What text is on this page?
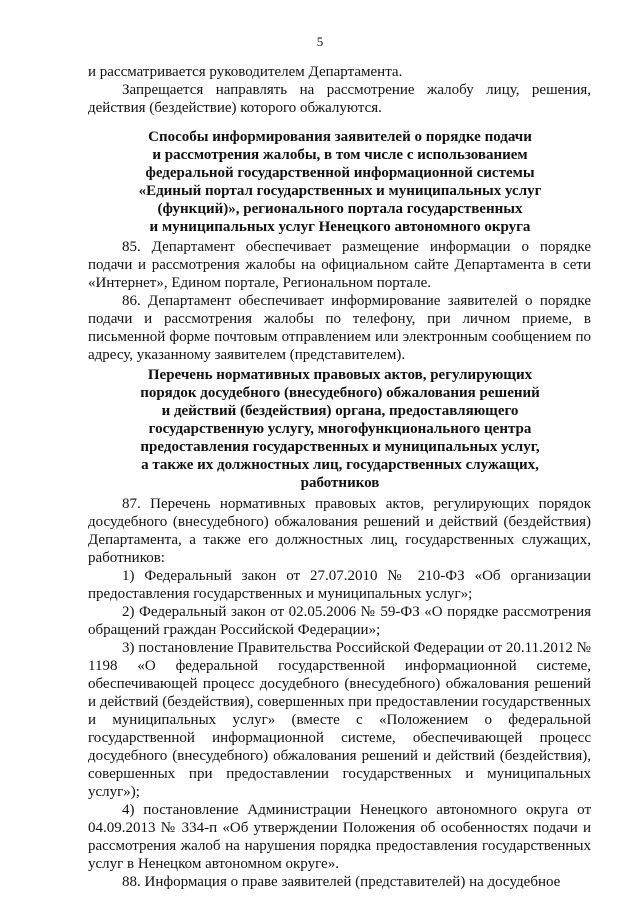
5

и рассматривается руководителем Департамента.

Запрещается направлять на рассмотрение жалобу лицу, решения, действия (бездействие) которого обжалуются.

Способы информирования заявителей о порядке подачи
и рассмотрения жалобы, в том числе с использованием
федеральной государственной информационной системы
«Единый портал государственных и муниципальных услуг
(функций)», регионального портала государственных
и муниципальных услуг Ненецкого автономного округа

85. Департамент обеспечивает размещение информации о порядке подачи и рассмотрения жалобы на официальном сайте Департамента в сети «Интернет», Едином портале, Региональном портале.

86. Департамент обеспечивает информирование заявителей о порядке подачи и рассмотрения жалобы по телефону, при личном приеме, в письменной форме почтовым отправлением или электронным сообщением по адресу, указанному заявителем (представителем).

Перечень нормативных правовых актов, регулирующих
порядок досудебного (внесудебного) обжалования решений
и действий (бездействия) органа, предоставляющего
государственную услугу, многофункционального центра
предоставления государственных и муниципальных услуг,
а также их должностных лиц, государственных служащих,
работников

87. Перечень нормативных правовых актов, регулирующих порядок досудебного (внесудебного) обжалования решений и действий (бездействия) Департамента, а также его должностных лиц, государственных служащих, работников:

1) Федеральный закон от 27.07.2010 № 210-ФЗ «Об организации предоставления государственных и муниципальных услуг»;

2) Федеральный закон от 02.05.2006 № 59-ФЗ «О порядке рассмотрения обращений граждан Российской Федерации»;

3) постановление Правительства Российской Федерации от 20.11.2012 № 1198 «О федеральной государственной информационной системе, обеспечивающей процесс досудебного (внесудебного) обжалования решений и действий (бездействия), совершенных при предоставлении государственных и муниципальных услуг» (вместе с «Положением о федеральной государственной информационной системе, обеспечивающей процесс досудебного (внесудебного) обжалования решений и действий (бездействия), совершенных при предоставлении государственных и муниципальных услуг»);

4) постановление Администрации Ненецкого автономного округа от 04.09.2013 № 334-п «Об утверждении Положения об особенностях подачи и рассмотрения жалоб на нарушения порядка предоставления государственных услуг в Ненецком автономном округе».

88. Информация о праве заявителей (представителей) на досудебное
